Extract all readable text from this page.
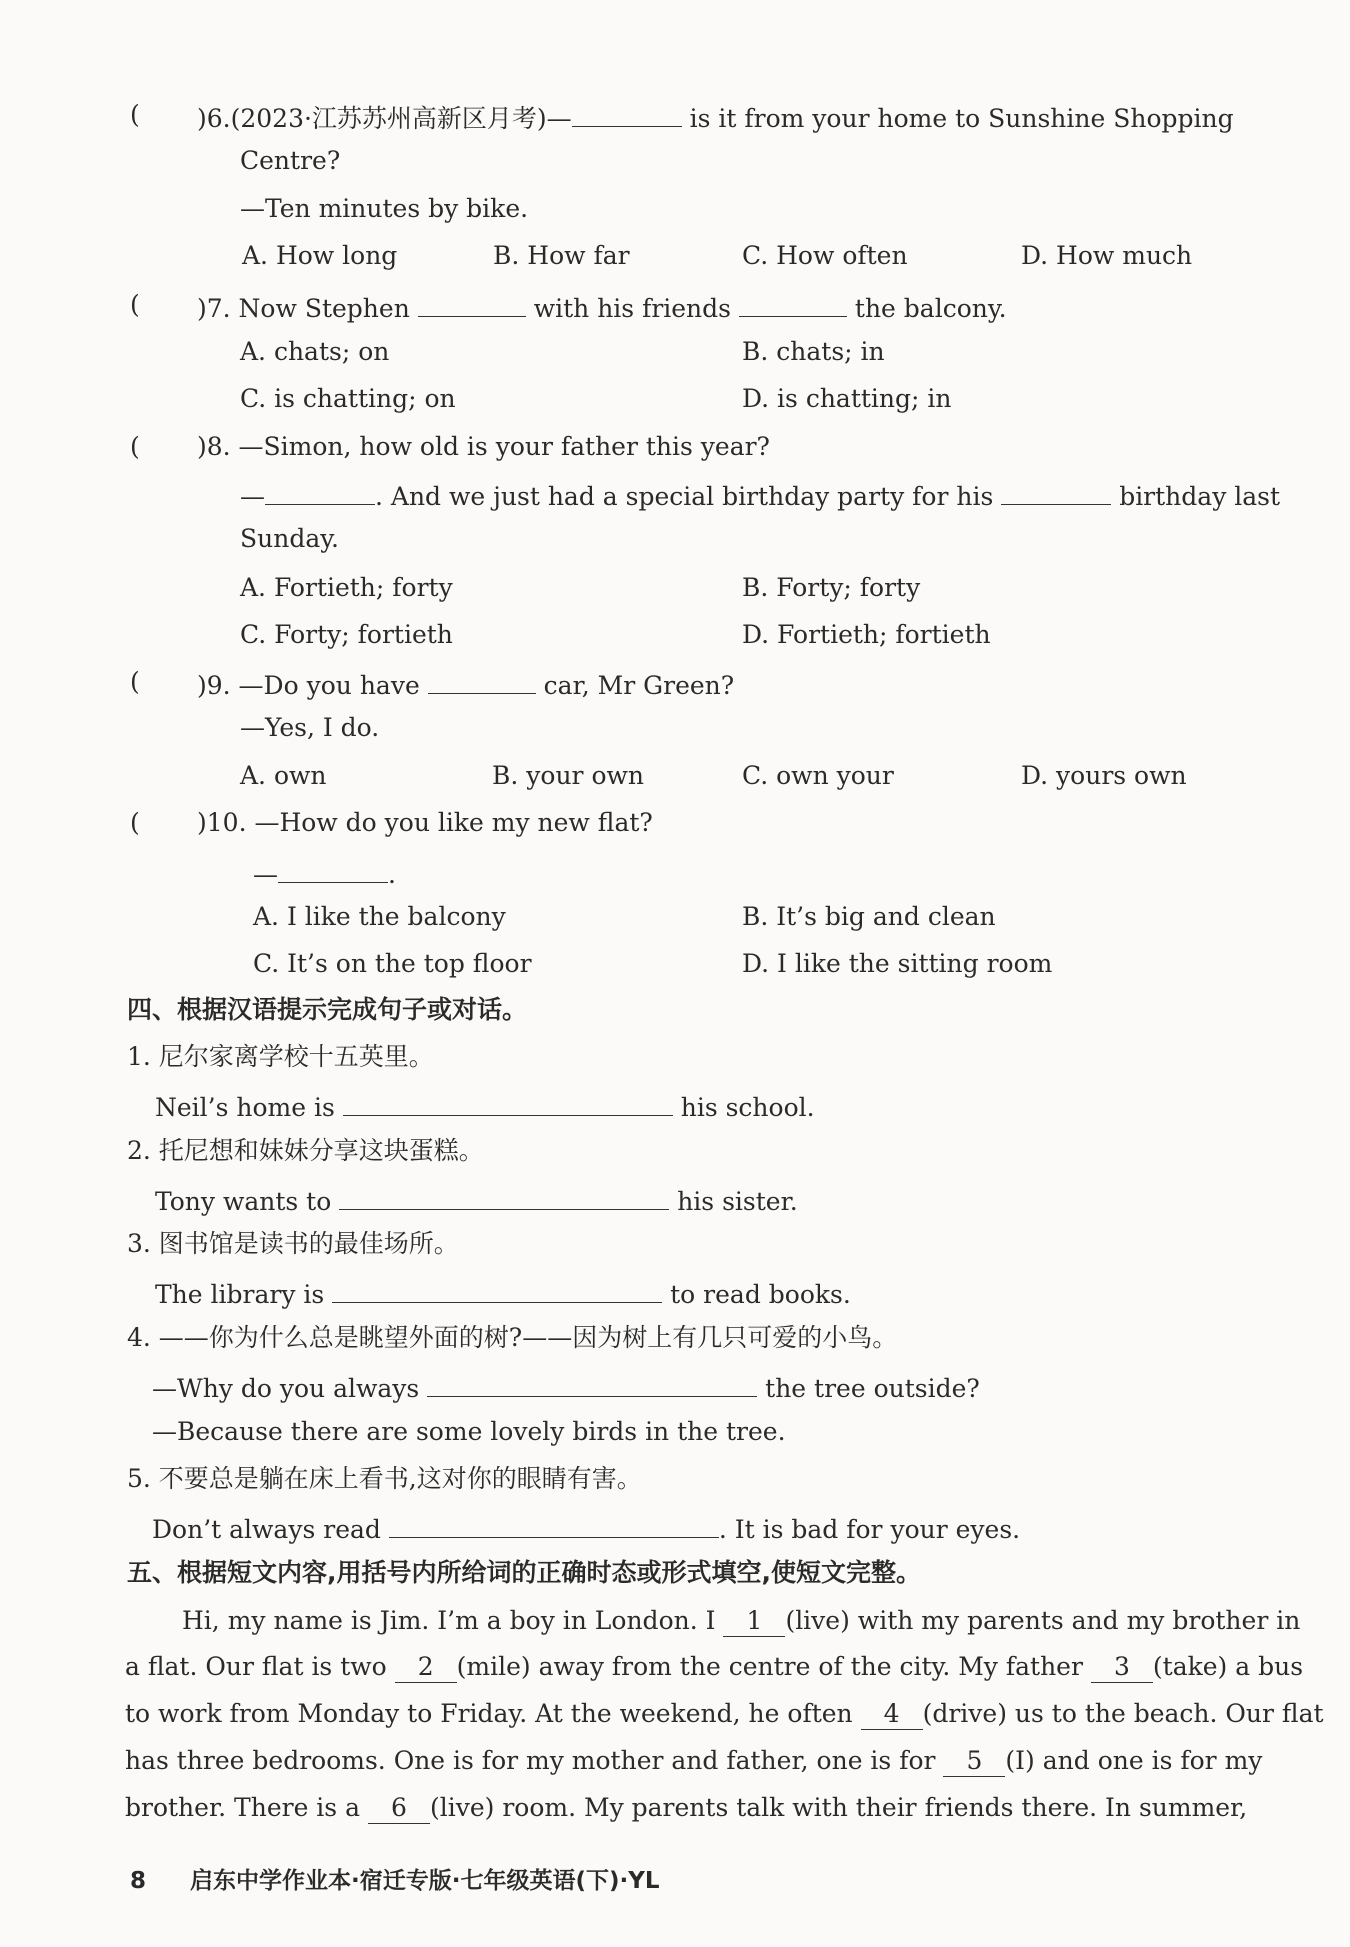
( )6.(2023·江苏苏州高新区月考)—	is it from your home to Sunshine Shopping
Centre?
—Ten minutes by bike.
A. How long	B. How far	C. How often	D. How much
( )7. Now Stephen	with his friends	the balcony.
A. chats; on	B. chats; in
C. is chatting; on	D. is chatting; in
( )8. —Simon, how old is your father this year?
—	. And we just had a special birthday party for his	birthday last
Sunday.
A. Fortieth; forty	B. Forty; forty
C. Forty; fortieth	D. Fortieth; fortieth
( )9. —Do you have	car, Mr Green?
—Yes, I do.
A. own	B. your own	C. own your	D. yours own
( )10. —How do you like my new flat?
—	.
A. I like the balcony	B. It’s big and clean
C. It’s on the top floor	D. I like the sitting room
四、根据汉语提示完成句子或对话。
1. 尼尔家离学校十五英里。
Neil’s home is	his school.
2. 托尼想和妹妹分享这块蛋糕。
Tony wants to	his sister.
3. 图书馆是读书的最佳场所。
The library is	to read books.
4. ——你为什么总是眺望外面的树?——因为树上有几只可爱的小鸟。
—Why do you always	the tree outside?
—Because there are some lovely birds in the tree.
5. 不要总是躺在床上看书,这对你的眼睛有害。
Don’t always read	. It is bad for your eyes.
五、根据短文内容,用括号内所给词的正确时态或形式填空,使短文完整。
Hi, my name is Jim. I’m a boy in London. I 1 (live) with my parents and my brother in
a flat. Our flat is two 2 (mile) away from the centre of the city. My father 3 (take) a bus
to work from Monday to Friday. At the weekend, he often 4 (drive) us to the beach. Our flat
has three bedrooms. One is for my mother and father, one is for 5 (I) and one is for my
brother. There is a 6 (live) room. My parents talk with their friends there. In summer,
8 启东中学作业本·宿迁专版·七年级英语(下)·YL
